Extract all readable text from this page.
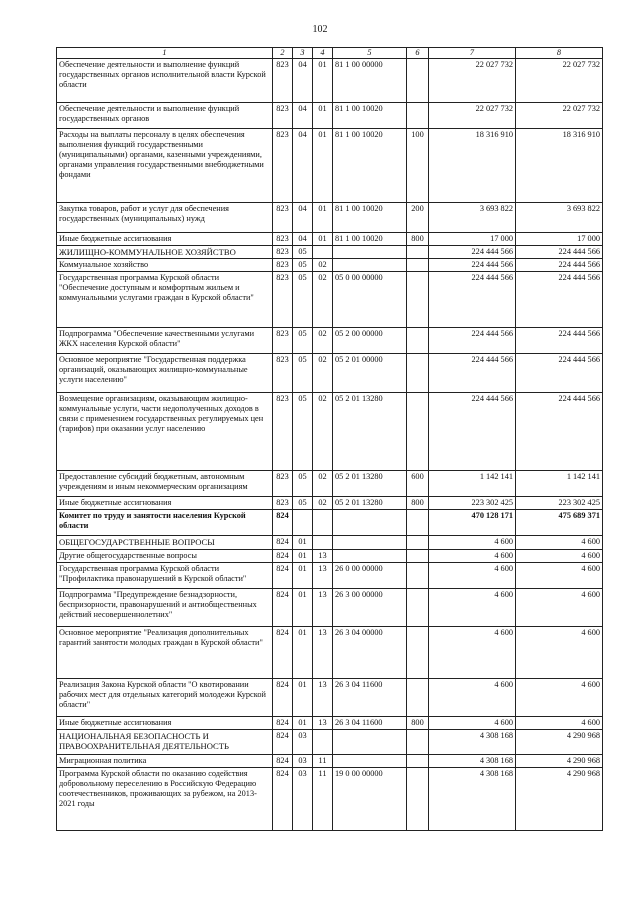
102
1	2	3	4	5	6	7	8
Обеспечение деятельности и выполнение функций государственных органов исполнительной власти Курской области	823	04	01	81 1 00 00000		22 027 732	22 027 732
Обеспечение деятельности и выполнение функций государственных органов	823	04	01	81 1 00 10020		22 027 732	22 027 732
Расходы на выплаты персоналу в целях обеспечения выполнения функций государственными (муниципальными) органами, казенными учреждениями, органами управления государственными внебюджетными фондами	823	04	01	81 1 00 10020	100	18 316 910	18 316 910
Закупка товаров, работ и услуг для обеспечения государственных (муниципальных) нужд	823	04	01	81 1 00 10020	200	3 693 822	3 693 822
Иные бюджетные ассигнования	823	04	01	81 1 00 10020	800	17 000	17 000
ЖИЛИЩНО-КОММУНАЛЬНОЕ ХОЗЯЙСТВО	823	05				224 444 566	224 444 566
Коммунальное хозяйство	823	05	02			224 444 566	224 444 566
Государственная программа Курской области "Обеспечение доступным и комфортным жильем и коммунальными услугами граждан в Курской области"	823	05	02	05 0 00 00000		224 444 566	224 444 566
Подпрограмма "Обеспечение качественными услугами ЖКХ населения Курской области"	823	05	02	05 2 00 00000		224 444 566	224 444 566
Основное мероприятие "Государственная поддержка организаций, оказывающих жилищно-коммунальные услуги населению"	823	05	02	05 2 01 00000		224 444 566	224 444 566
Возмещение организациям, оказывающим жилищно-коммунальные услуги, части недополученных доходов в связи с применением государственных регулируемых цен (тарифов) при оказании услуг населению	823	05	02	05 2 01 13280		224 444 566	224 444 566
Предоставление субсидий бюджетным, автономным учреждениям и иным некоммерческим организациям	823	05	02	05 2 01 13280	600	1 142 141	1 142 141
Иные бюджетные ассигнования	823	05	02	05 2 01 13280	800	223 302 425	223 302 425
Комитет по труду и занятости населения Курской области	824					470 128 171	475 689 371
ОБЩЕГОСУДАРСТВЕННЫЕ ВОПРОСЫ	824	01				4 600	4 600
Другие общегосударственные вопросы	824	01	13			4 600	4 600
Государственная программа Курской области "Профилактика правонарушений в Курской области"	824	01	13	26 0 00 00000		4 600	4 600
Подпрограмма "Предупреждение безнадзорности, беспризорности, правонарушений и антиобщественных действий несовершеннолетних"	824	01	13	26 3 00 00000		4 600	4 600
Основное мероприятие "Реализация дополнительных гарантий занятости молодых граждан в Курской области"	824	01	13	26 3 04 00000		4 600	4 600
Реализация Закона Курской области "О квотировании рабочих мест для отдельных категорий молодежи Курской области"	824	01	13	26 3 04 11600		4 600	4 600
Иные бюджетные ассигнования	824	01	13	26 3 04 11600	800	4 600	4 600
НАЦИОНАЛЬНАЯ БЕЗОПАСНОСТЬ И ПРАВООХРАНИТЕЛЬНАЯ ДЕЯТЕЛЬНОСТЬ	824	03				4 308 168	4 290 968
Миграционная политика	824	03	11			4 308 168	4 290 968
Программа Курской области по оказанию содействия добровольному переселению в Российскую Федерацию соотечественников, проживающих за рубежом, на 2013-2021 годы	824	03	11	19 0 00 00000		4 308 168	4 290 968
